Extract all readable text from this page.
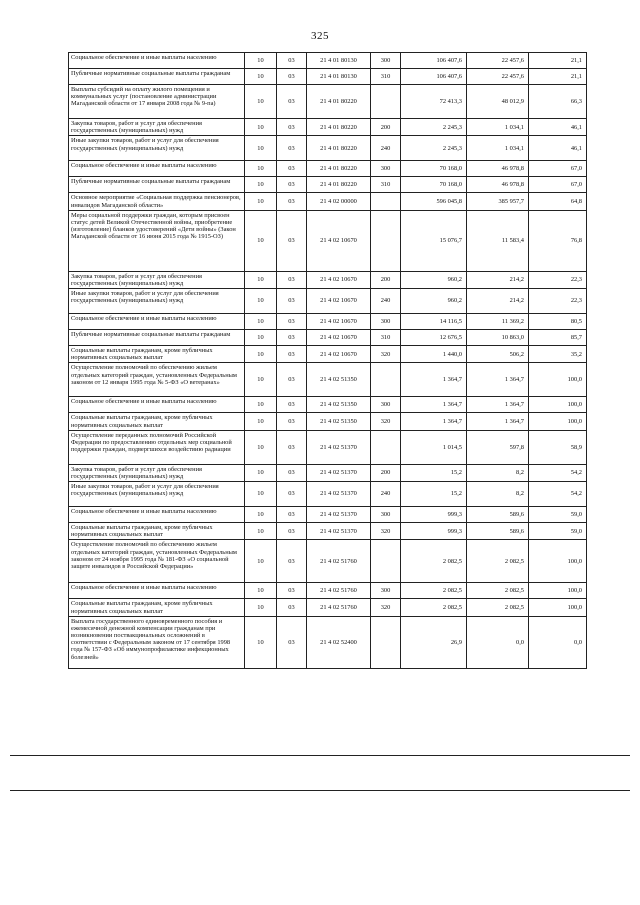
325
Социальное обеспечение и иные выплаты населению	10	03	21 4 01 80130	300	106 407,6	22 457,6	21,1
Публичные нормативные социальные выплаты гражданам	10	03	21 4 01 80130	310	106 407,6	22 457,6	21,1
Выплаты субсидий на оплату жилого помещения и коммунальных услуг (постановление администрации Магаданской области от 17 января 2008 года № 9-па)	10	03	21 4 01 80220		72 413,3	48 012,9	66,3
Закупка товаров, работ и услуг для обеспечения государственных (муниципальных) нужд	10	03	21 4 01 80220	200	2 245,3	1 034,1	46,1
Иные закупки товаров, работ и услуг для обеспечения государственных (муниципальных) нужд	10	03	21 4 01 80220	240	2 245,3	1 034,1	46,1
Социальное обеспечение и иные выплаты населению	10	03	21 4 01 80220	300	70 168,0	46 978,8	67,0
Публичные нормативные социальные выплаты гражданам	10	03	21 4 01 80220	310	70 168,0	46 978,8	67,0
Основное мероприятие «Социальная поддержка пенсионеров, инвалидов Магаданской области»	10	03	21 4 02 00000		596 045,8	385 957,7	64,8
Меры социальной поддержки граждан, которым присвоен статус детей Великой Отечественной войны, приобретение (изготовление) бланков удостоверений «Дети войны» (Закон Магаданской области от 16 июня 2015 года № 1915-ОЗ)	10	03	21 4 02 10670		15 076,7	11 583,4	76,8
Закупка товаров, работ и услуг для обеспечения государственных (муниципальных) нужд	10	03	21 4 02 10670	200	960,2	214,2	22,3
Иные закупки товаров, работ и услуг для обеспечения государственных (муниципальных) нужд	10	03	21 4 02 10670	240	960,2	214,2	22,3
Социальное обеспечение и иные выплаты населению	10	03	21 4 02 10670	300	14 116,5	11 369,2	80,5
Публичные нормативные социальные выплаты гражданам	10	03	21 4 02 10670	310	12 676,5	10 863,0	85,7
Социальные выплаты гражданам, кроме публичных нормативных социальных выплат	10	03	21 4 02 10670	320	1 440,0	506,2	35,2
Осуществление полномочий по обеспечению жильем отдельных категорий граждан, установленных Федеральным законом от 12 января 1995 года № 5-ФЗ «О ветеранах»	10	03	21 4 02 51350		1 364,7	1 364,7	100,0
Социальное обеспечение и иные выплаты населению	10	03	21 4 02 51350	300	1 364,7	1 364,7	100,0
Социальные выплаты гражданам, кроме публичных нормативных социальных выплат	10	03	21 4 02 51350	320	1 364,7	1 364,7	100,0
Осуществление переданных полномочий Российской Федерации по предоставлению отдельных мер социальной поддержки граждан, подвергшихся воздействию радиации	10	03	21 4 02 51370		1 014,5	597,8	58,9
Закупка товаров, работ и услуг для обеспечения государственных (муниципальных) нужд	10	03	21 4 02 51370	200	15,2	8,2	54,2
Иные закупки товаров, работ и услуг для обеспечения государственных (муниципальных) нужд	10	03	21 4 02 51370	240	15,2	8,2	54,2
Социальное обеспечение и иные выплаты населению	10	03	21 4 02 51370	300	999,3	589,6	59,0
Социальные выплаты гражданам, кроме публичных нормативных социальных выплат	10	03	21 4 02 51370	320	999,3	589,6	59,0
Осуществление полномочий по обеспечению жильем отдельных категорий граждан, установленных Федеральным законом от 24 ноября 1995 года № 181-ФЗ «О социальной защите инвалидов в Российской Федерации»	10	03	21 4 02 51760		2 082,5	2 082,5	100,0
Социальное обеспечение и иные выплаты населению	10	03	21 4 02 51760	300	2 082,5	2 082,5	100,0
Социальные выплаты гражданам, кроме публичных нормативных социальных выплат	10	03	21 4 02 51760	320	2 082,5	2 082,5	100,0
Выплата государственного единовременного пособия и ежемесячной денежной компенсации гражданам при возникновении поствакцинальных осложнений в соответствии с Федеральным законом от 17 сентября 1998 года № 157-ФЗ «Об иммунопрофилактике инфекционных болезней»	10	03	21 4 02 52400		26,9	0,0	0,0
